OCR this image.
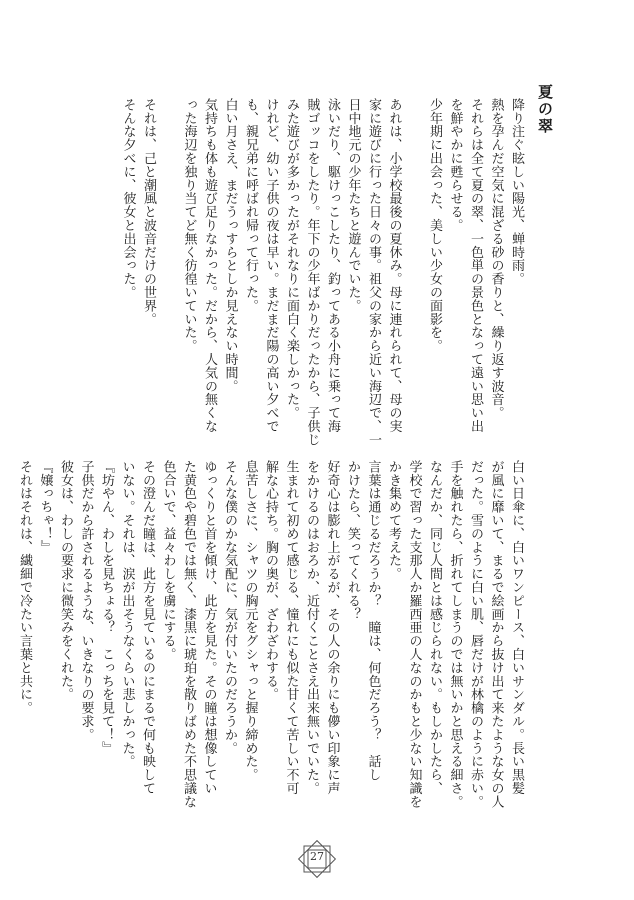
夏の翠
降り注ぐ眩しい陽光、蝉時雨。
熱を孕んだ空気に混ざる砂の香りと、繰り返す波音。
それらは全て夏の翠、一色単の景色となって遠い思い出
を鮮やかに甦らせる。
少年期に出会った、美しい少女の面影を。
あれは、小学校最後の夏休み。母に連れられて、母の実
家に遊びに行った日々の事。祖父の家から近い海辺で、一
日中地元の少年たちと遊んでいた。
泳いだり、駆けっこしたり、釣ってある小舟に乗って海
賊ゴッコをしたり。年下の少年ばかりだったから、子供じ
みた遊びが多かったがそれなりに面白く楽しかった。
けれど、幼い子供の夜は早い。まだまだ陽の高い夕べで
も、親兄弟に呼ばれ帰って行った。
白い月さえ、まだうっすらとしか見えない時間。
気持ちも体も遊び足りなかった。だから、人気の無くな
った海辺を独り当てど無く彷徨いていた。
それは、己と潮風と波音だけの世界。
そんな夕べに、彼女と出会った。
白い日傘に、白いワンピース、白いサンダル。長い黒髪
が風に靡いて、まるで絵画から抜け出て来たような女の人
だった。雪のように白い肌、唇だけが林檎のように赤い。
手を触れたら、折れてしまうのでは無いかと思える細さ。
なんだか、同じ人間とは感じられない。もしかしたら、
学校で習った支那人か羅西亜の人なのかもと少ない知識を
かき集めて考えた。
言葉は通じるだろうか？　瞳は、何色だろう？　話し
かけたら、笑ってくれる？
好奇心は膨れ上がるが、その人の余りにも儚い印象に声
をかけるのはおろか、近付くことさえ出来無いでいた。
生まれて初めて感じる、憧れにも似た甘くて苦しい不可
解な心持ち。胸の奥が、ざわざわする。
息苦しさに、シャツの胸元をグシャっと握り締めた。
そんな僕のかな気配に、気が付いたのだろうか。
ゆっくりと首を傾け、此方を見た。その瞳は想像してい
た黄色や碧色では無く、漆黒に琥珀を散りばめた不思議な
色合いで、益々わしを虜にする。
その澄んだ瞳は、此方を見ているのにまるで何も映して
いない。それは、涙が出そうなくらい悲しかった。
『坊やん、わしを見ちょる？　こっちを見て！』
子供だから許されるような、いきなりの要求。
彼女は、わしの要求に微笑みをくれた。
『嬢っちゃ！』
それはそれは、繊細で冷たい言葉と共に。
27
